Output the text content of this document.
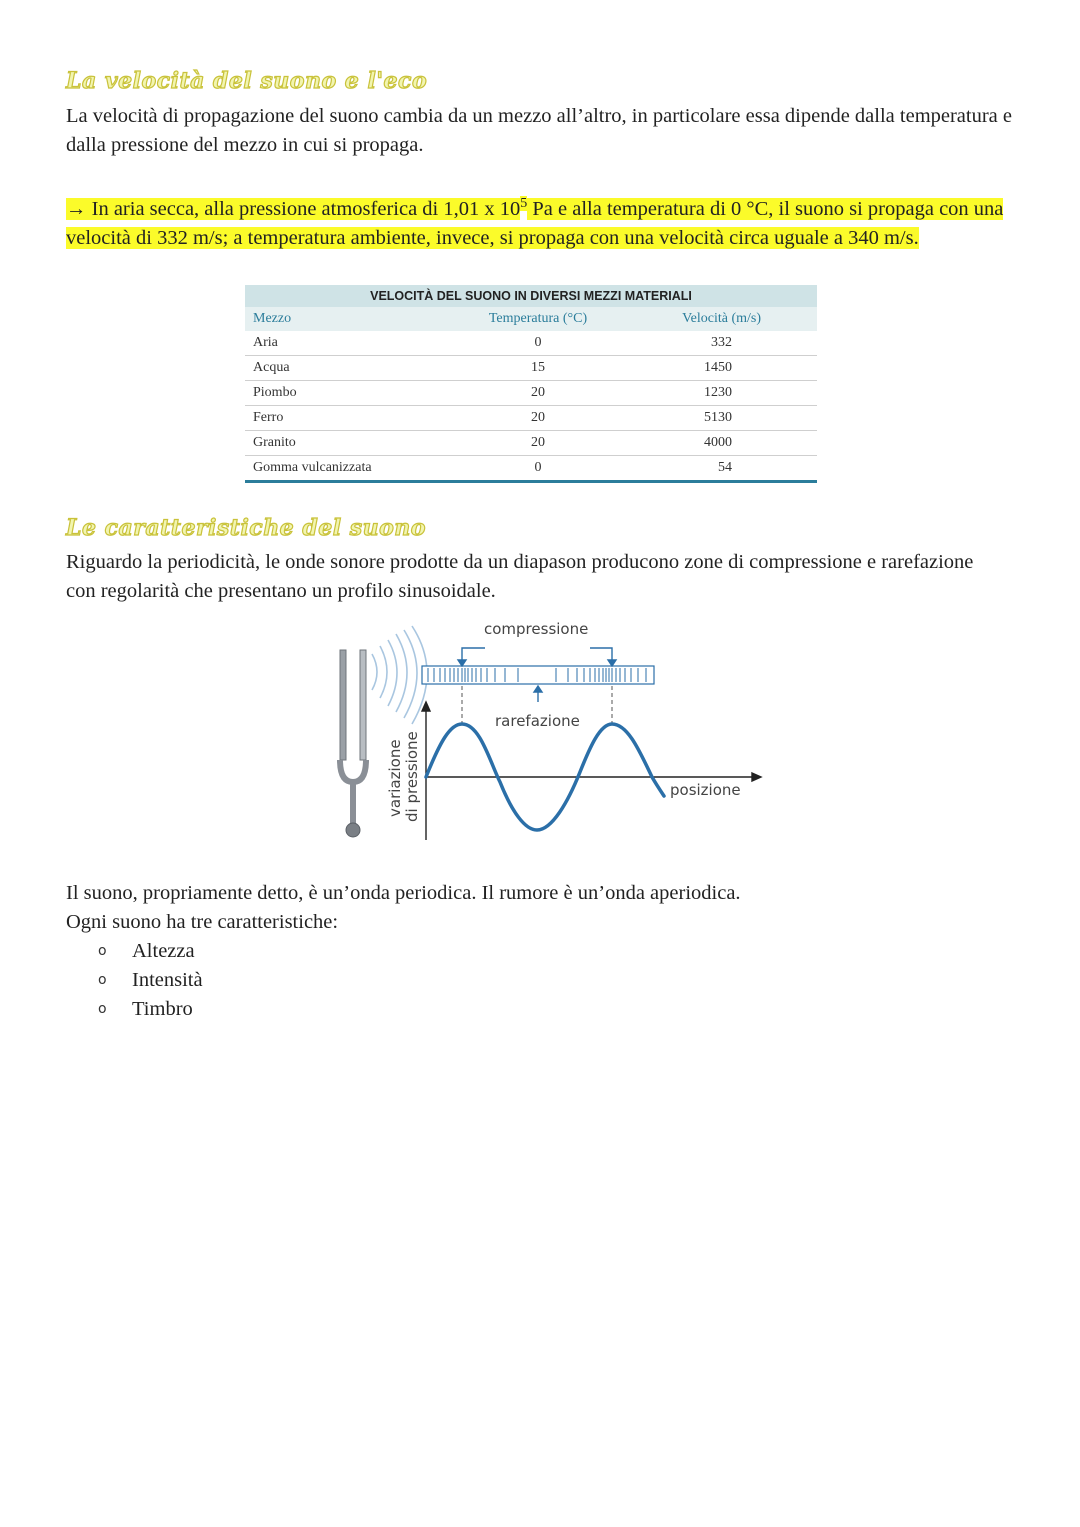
La velocità del suono e l'eco
La velocità di propagazione del suono cambia da un mezzo all’altro, in particolare essa dipende dalla temperatura e dalla pressione del mezzo in cui si propaga.
→ In aria secca, alla pressione atmosferica di 1,01 x $10^5$ Pa e alla temperatura di 0 °C, il suono si propaga con una velocità di 332 m/s; a temperatura ambiente, invece, si propaga con una velocità circa uguale a 340 m/s.
VELOCITÀ DEL SUONO IN DIVERSI MEZZI MATERIALI
Mezzo	Temperatura (°C)	Velocità (m/s)
Aria	0	332
Acqua	15	1450
Piombo	20	1230
Ferro	20	5130
Granito	20	4000
Gomma vulcanizzata	0	54
Le caratteristiche del suono
Riguardo la periodicità, le onde sonore prodotte da un diapason producono zone di compressione e rarefazione con regolarità che presentano un profilo sinusoidale.
compressione
rarefazione
posizione
variazione di pressione
Il suono, propriamente detto, è un’onda periodica. Il rumore è un’onda aperiodica.
Ogni suono ha tre caratteristiche:
o	Altezza
o	Intensità
o	Timbro
